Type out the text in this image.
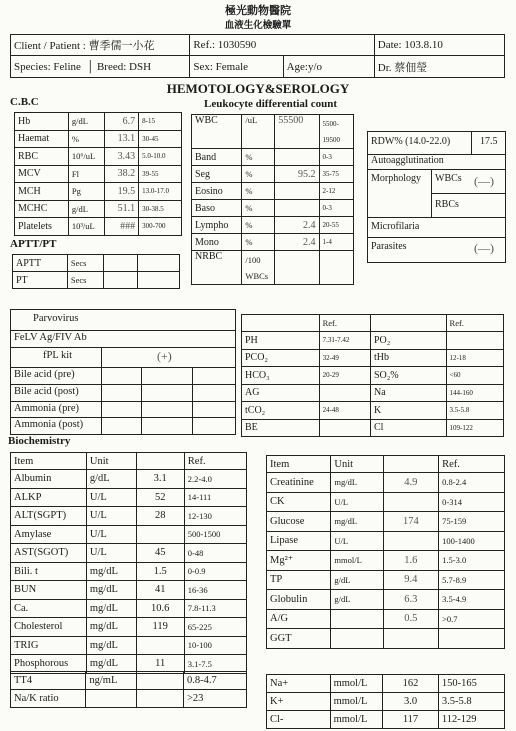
極光動物醫院
血液生化檢驗單
Client / Patient : 曹季儒一小花	Ref.: 1030590		Date: 103.8.10
Species: Feline  │ Breed: DSH	Sex: Female	Age:y/o	Dr. 蔡佃瑩
HEMOTOLOGY&SEROLOGY
C.B.C
Hb	g/dL	6.7	8-15
Haemat	%	13.1	30-45
RBC	10⁶/uL	3.43	5.0-10.0
MCV	Fl	38.2	39-55
MCH	Pg	19.5	13.0-17.0
MCHC	g/dL	51.1	30-38.5
Platelets	10³/uL	###	300-700
APTT/PT
APTT	Secs		
PT	Secs		
Leukocyte differential count
WBC	/uL	55500	5500-
19500

Band	%		0-3
Seg	%	95.2	35-75
Eosino	%		2-12
Baso	%		0-3
Lympho	%	2.4	20-55
Mono	%	2.4	1-4
NRBC	/100
WBCs		

RDW% (14.0-22.0)	17.5
Autoagglutination
Morphology WBCs (—)
RBCs
Microfilaria
Parasites	(—)
Parvovirus
FeLV Ag/FIV Ab
fPL kit	(+)
Bile acid (pre)
Bile acid (post)
Ammonia (pre)
Ammonia (post)
	Ref.		Ref.
PH	7.31-7.42	PO₂	
PCO₂	32-49	tHb	12-18
HCO₃	20-29	SO₂%	<60
AG		Na	144-160
tCO₂	24-48	K	3.5-5.8
BE		Cl	109-122
Biochemistry
Item	Unit		Ref.
Albumin	g/dL	3.1	2.2-4.0
ALKP	U/L	52	14-111
ALT(SGPT)	U/L	28	12-130
Amylase	U/L		500-1500
AST(SGOT)	U/L	45	0-48
Bili. t	mg/dL	1.5	0-0.9
BUN	mg/dL	41	16-36
Ca.	mg/dL	10.6	7.8-11.3
Cholesterol	mg/dL	119	65-225
TRIG	mg/dL		10-100
Phosphorous	mg/dL	11	3.1-7.5
Item	Unit		Ref.
Creatinine	mg/dL	4.9	0.8-2.4
CK	U/L		0-314
Glucose	mg/dL	174	75-159
Lipase	U/L		100-1400
Mg²⁺	mmol/L	1.6	1.5-3.0
TP	g/dL	9.4	5.7-8.9
Globulin	g/dL	6.3	3.5-4.9
A/G		0.5	>0.7
GGT			
TT4	ng/mL		0.8-4.7
Na/K ratio			>23
Na+	mmol/L	162	150-165
K+	mmol/L	3.0	3.5-5.8
Cl-	mmol/L	117	112-129
